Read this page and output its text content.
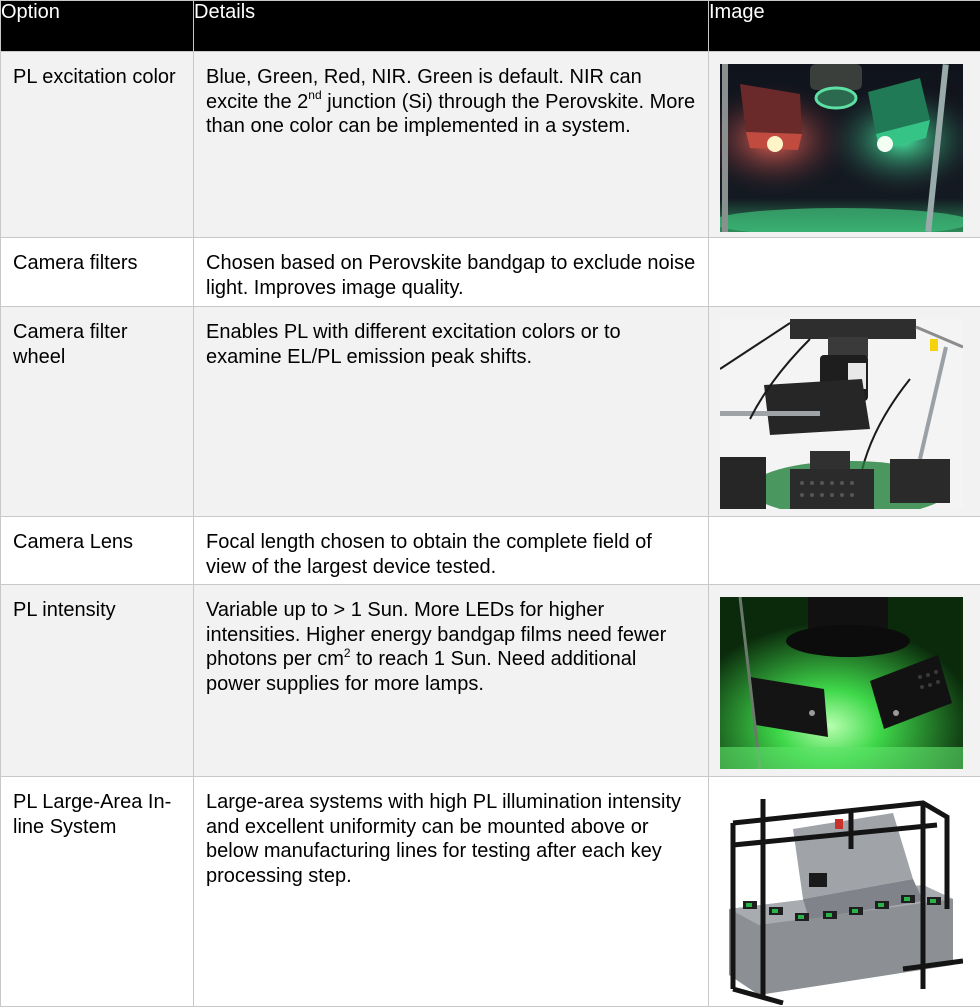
Option	Details	Image
PL excitation color	Blue, Green, Red, NIR. Green is default. NIR can excite the 2nd junction (Si) through the Perovskite. More than one color can be implemented in a system.	

Camera filters	Chosen based on Perovskite bandgap to exclude noise light. Improves image quality.	
Camera filter wheel	Enables PL with different excitation colors or to examine EL/PL emission peak shifts.	

Camera Lens	Focal length chosen to obtain the complete field of view of the largest device tested.	
PL intensity	Variable up to > 1 Sun. More LEDs for higher intensities. Higher energy bandgap films need fewer photons per $cm^2$ to reach 1 Sun. Need additional power supplies for more lamps.	

PL Large-Area In-line System	Large-area systems with high PL illumination intensity and excellent uniformity can be mounted above or below manufacturing lines for testing after each key processing step.	
